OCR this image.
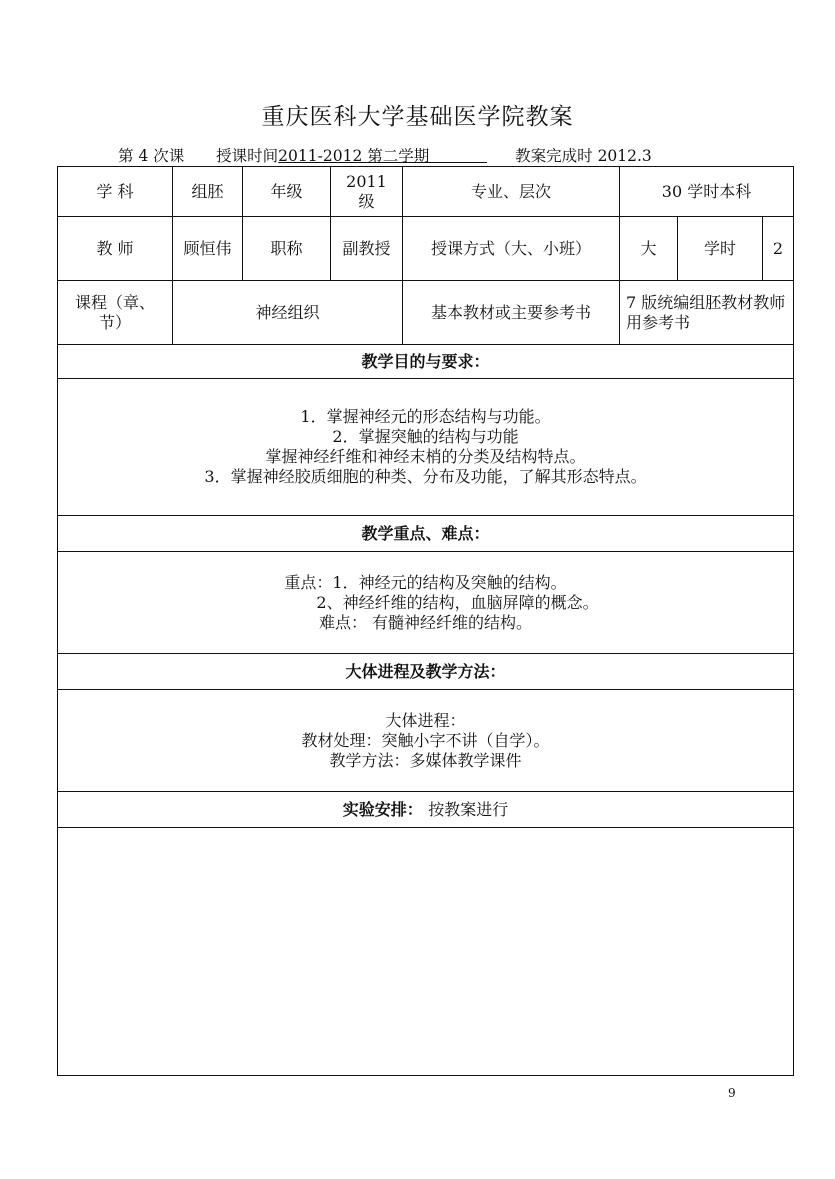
重庆医科大学基础医学院教案
第 4 次课 授课时间2011-2012 第二学期	教案完成时 2012.3
学 科	组胚	年级	2011 级	专业、层次	30 学时本科		
教 师	顾恒伟	职称	副教授	授课方式（大、小班）	大	学时	2
课程（章、节）	神经组织			基本教材或主要参考书	7 版统编组胚教材教师用参考书		
教学目的与要求：							

1．掌握神经元的形态结构与功能。
2．掌握突触的结构与功能
掌握神经纤维和神经末梢的分类及结构特点。
3．掌握神经胶质细胞的种类、分布及功能，了解其形态特点。							

教学重点、难点：							

重点：1．神经元的结构及突触的结构。
2、神经纤维的结构，血脑屏障的概念。
难点： 有髓神经纤维的结构。							

大体进程及教学方法：							

大体进程：
教材处理：突触小字不讲（自学）。
教学方法：多媒体教学课件							

实验安排： 按教案进行							

9
